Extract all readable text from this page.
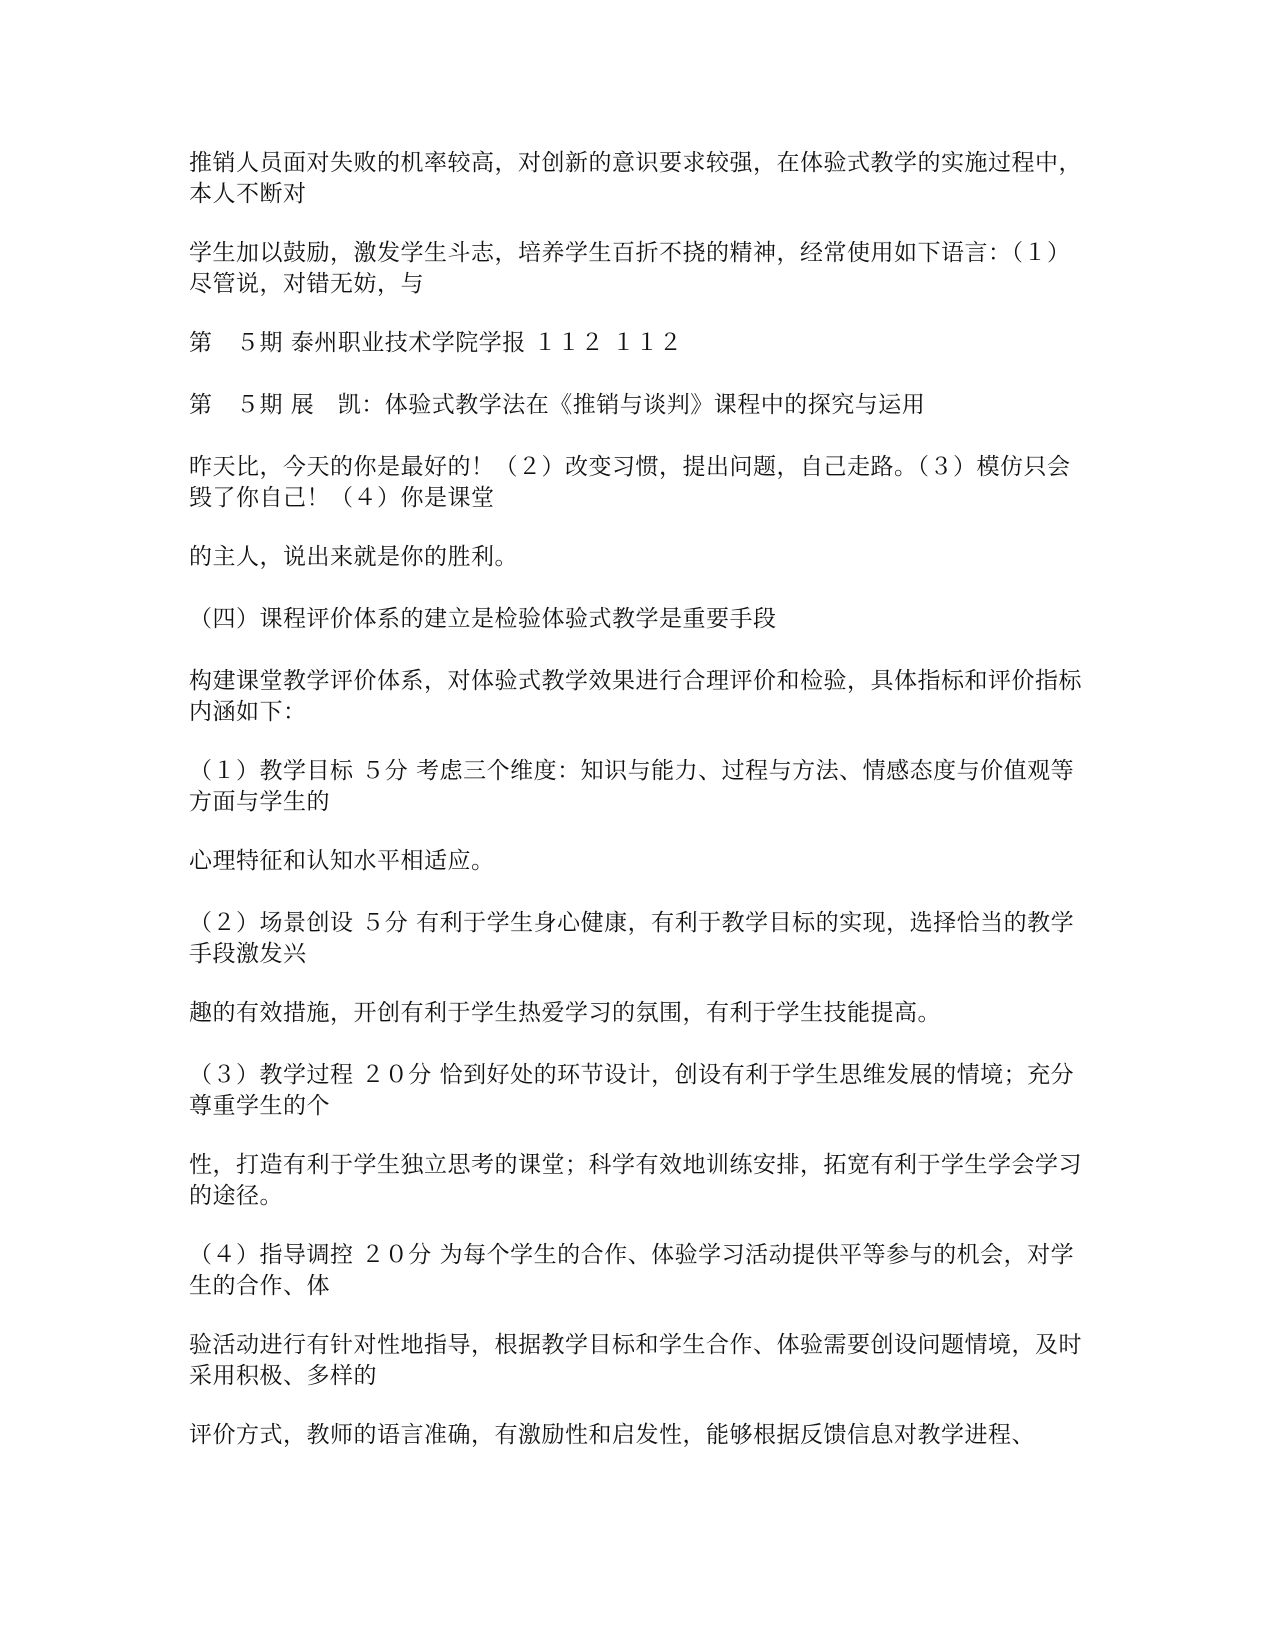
推销人员面对失败的机率较高，对创新的意识要求较强，在体验式教学的实施过程中，本人不断对

学生加以鼓励，激发学生斗志，培养学生百折不挠的精神，经常使用如下语言：（１）尽管说，对错无妨，与

第　５期 泰州职业技术学院学报 １１２ １１２

第　５期 展　凯：体验式教学法在《推销与谈判》课程中的探究与运用

昨天比，今天的你是最好的！（２）改变习惯，提出问题，自己走路。（３）模仿只会毁了你自己！（４）你是课堂

的主人，说出来就是你的胜利。

（四）课程评价体系的建立是检验体验式教学是重要手段

构建课堂教学评价体系，对体验式教学效果进行合理评价和检验，具体指标和评价指标内涵如下：

（１）教学目标 ５分 考虑三个维度：知识与能力、过程与方法、情感态度与价值观等方面与学生的

心理特征和认知水平相适应。

（２）场景创设 ５分 有利于学生身心健康，有利于教学目标的实现，选择恰当的教学手段激发兴

趣的有效措施，开创有利于学生热爱学习的氛围，有利于学生技能提高。

（３）教学过程 ２０分 恰到好处的环节设计，创设有利于学生思维发展的情境；充分尊重学生的个

性，打造有利于学生独立思考的课堂；科学有效地训练安排，拓宽有利于学生学会学习的途径。

（４）指导调控 ２０分 为每个学生的合作、体验学习活动提供平等参与的机会，对学生的合作、体

验活动进行有针对性地指导，根据教学目标和学生合作、体验需要创设问题情境，及时采用积极、多样的

评价方式，教师的语言准确，有激励性和启发性，能够根据反馈信息对教学进程、
